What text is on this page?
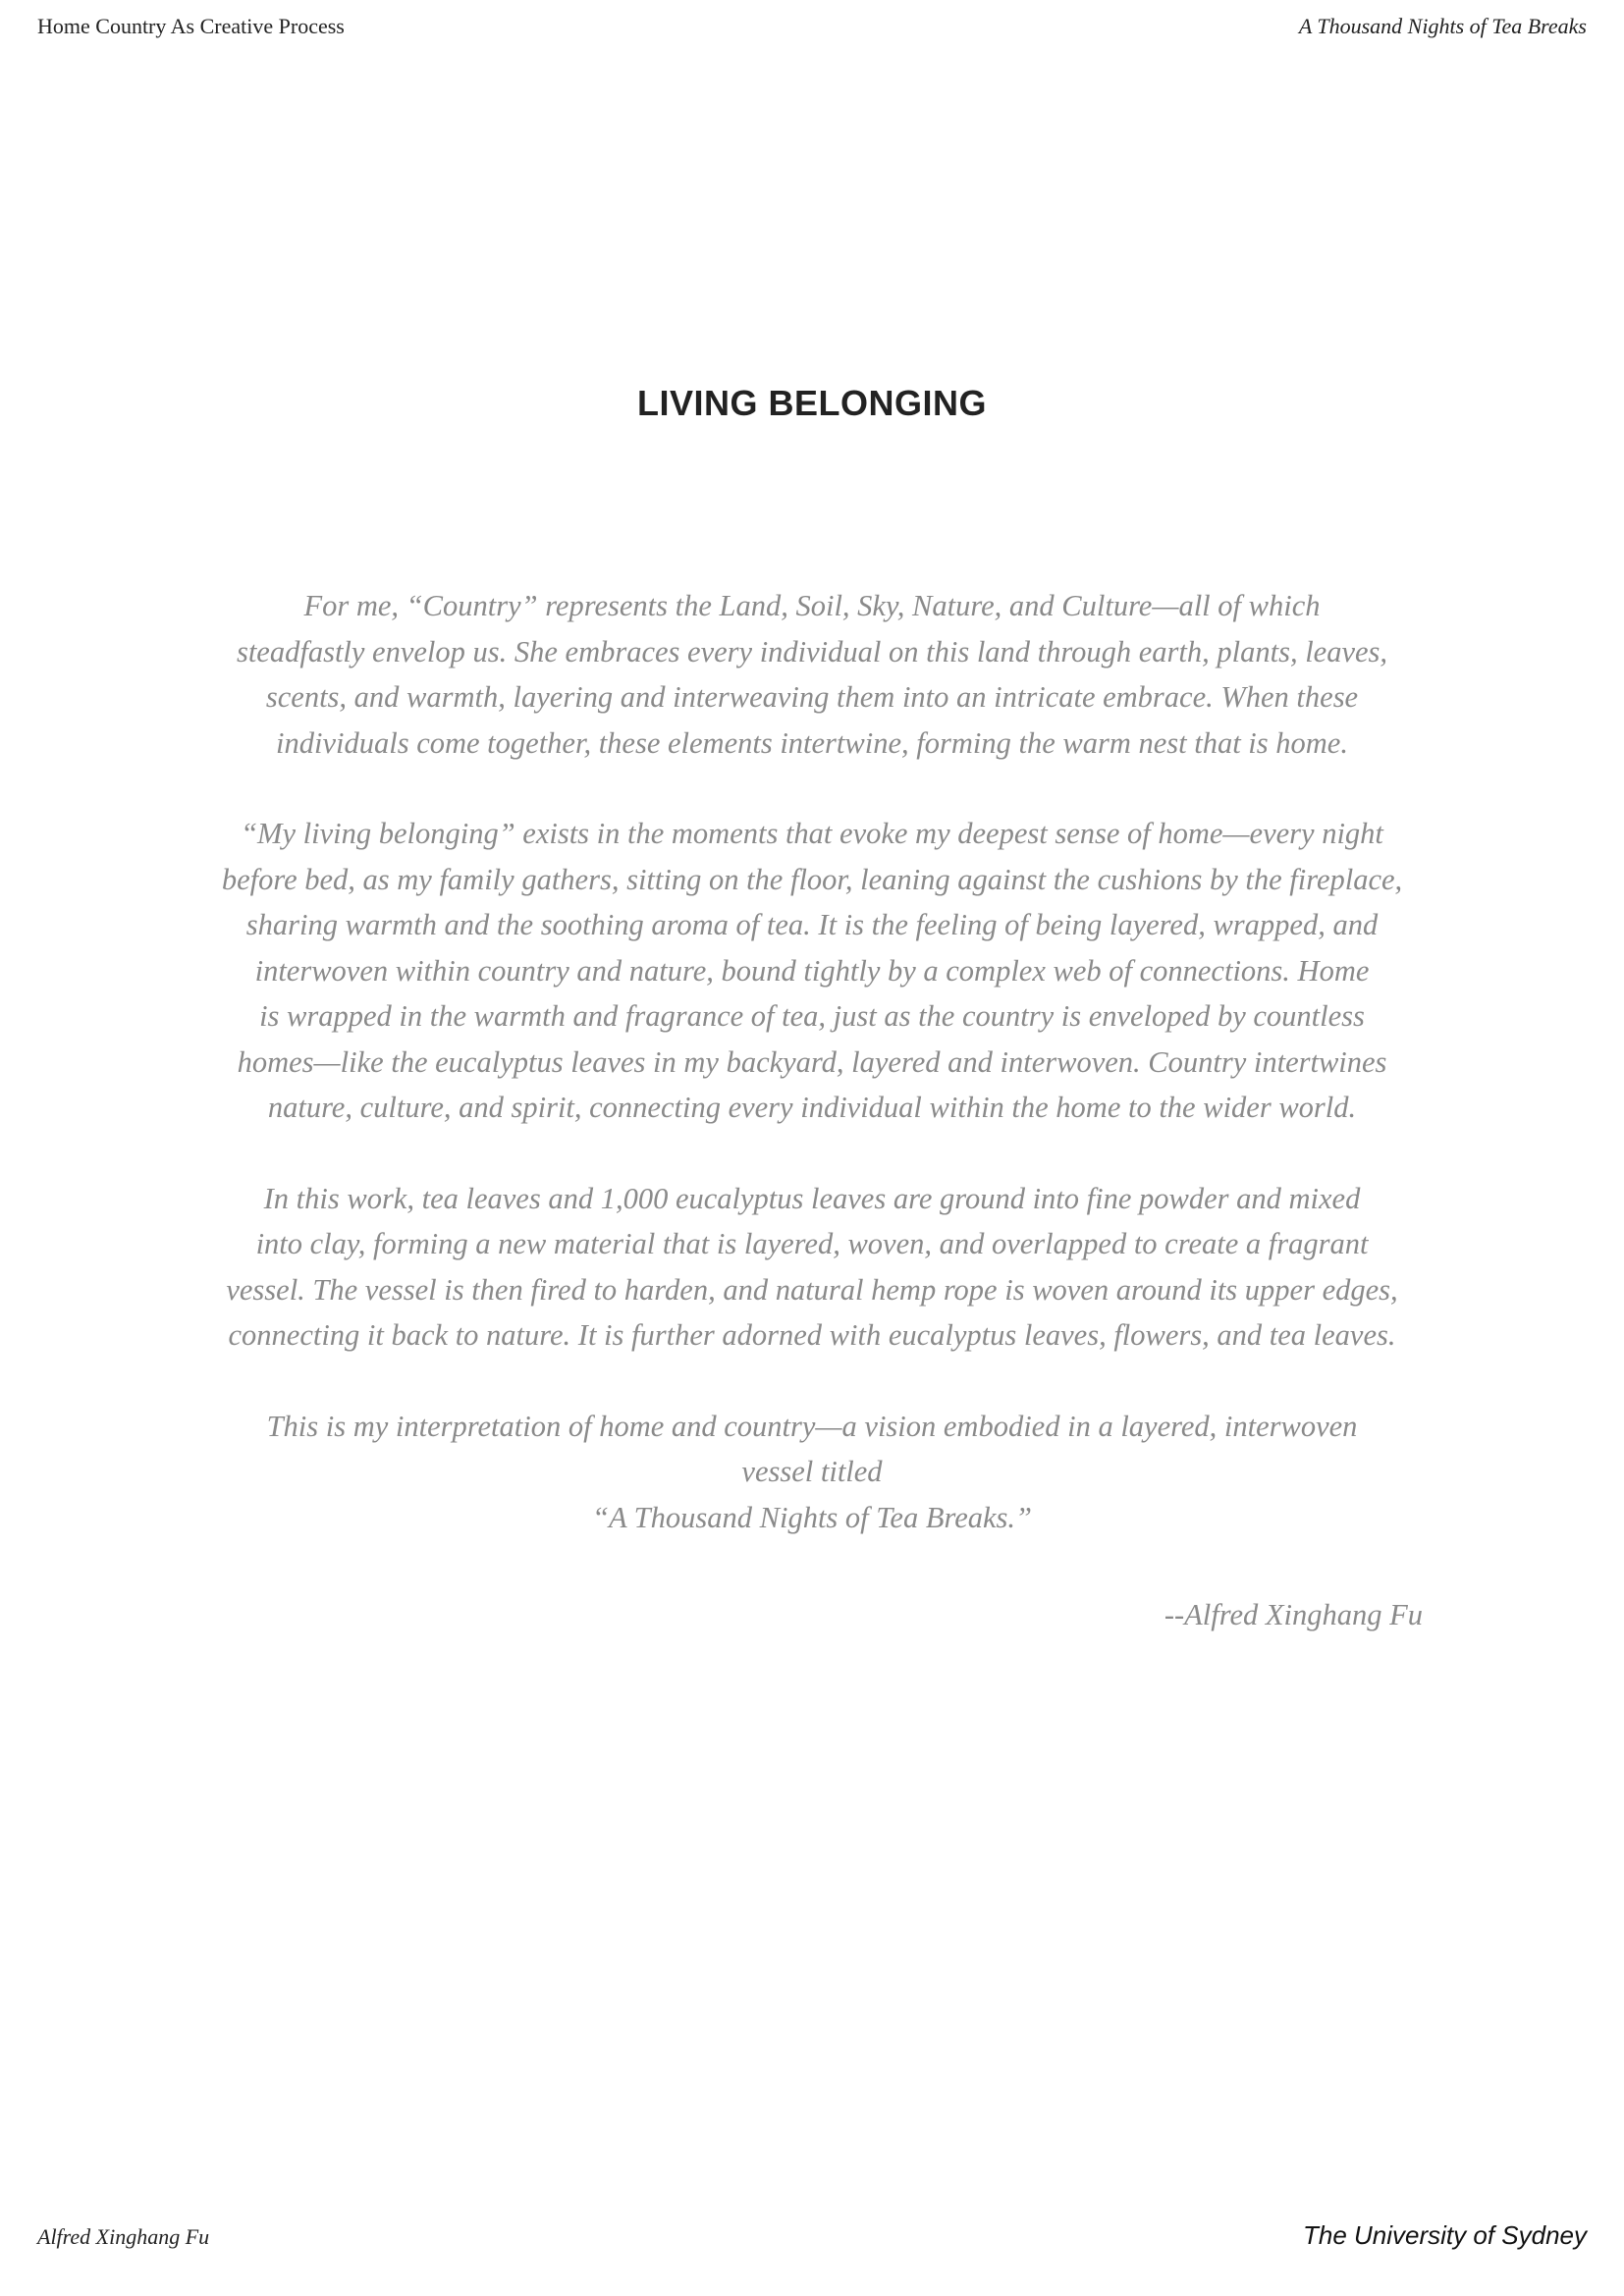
Home Country As Creative Process	A Thousand Nights of Tea Breaks
LIVING BELONGING

For me, “Country” represents the Land, Soil, Sky, Nature, and Culture—all of which
steadfastly envelop us. She embraces every individual on this land through earth, plants, leaves,
scents, and warmth, layering and interweaving them into an intricate embrace. When these
individuals come together, these elements intertwine, forming the warm nest that is home.

“My living belonging” exists in the moments that evoke my deepest sense of home—every night
before bed, as my family gathers, sitting on the floor, leaning against the cushions by the fireplace,
sharing warmth and the soothing aroma of tea. It is the feeling of being layered, wrapped, and
interwoven within country and nature, bound tightly by a complex web of connections. Home
is wrapped in the warmth and fragrance of tea, just as the country is enveloped by countless
homes—like the eucalyptus leaves in my backyard, layered and interwoven. Country intertwines
nature, culture, and spirit, connecting every individual within the home to the wider world.

In this work, tea leaves and 1,000 eucalyptus leaves are ground into fine powder and mixed
into clay, forming a new material that is layered, woven, and overlapped to create a fragrant
vessel. The vessel is then fired to harden, and natural hemp rope is woven around its upper edges,
connecting it back to nature. It is further adorned with eucalyptus leaves, flowers, and tea leaves.

This is my interpretation of home and country—a vision embodied in a layered, interwoven
vessel titled
“A Thousand Nights of Tea Breaks.”

--Alfred Xinghang Fu
Alfred Xinghang Fu	The University of Sydney
